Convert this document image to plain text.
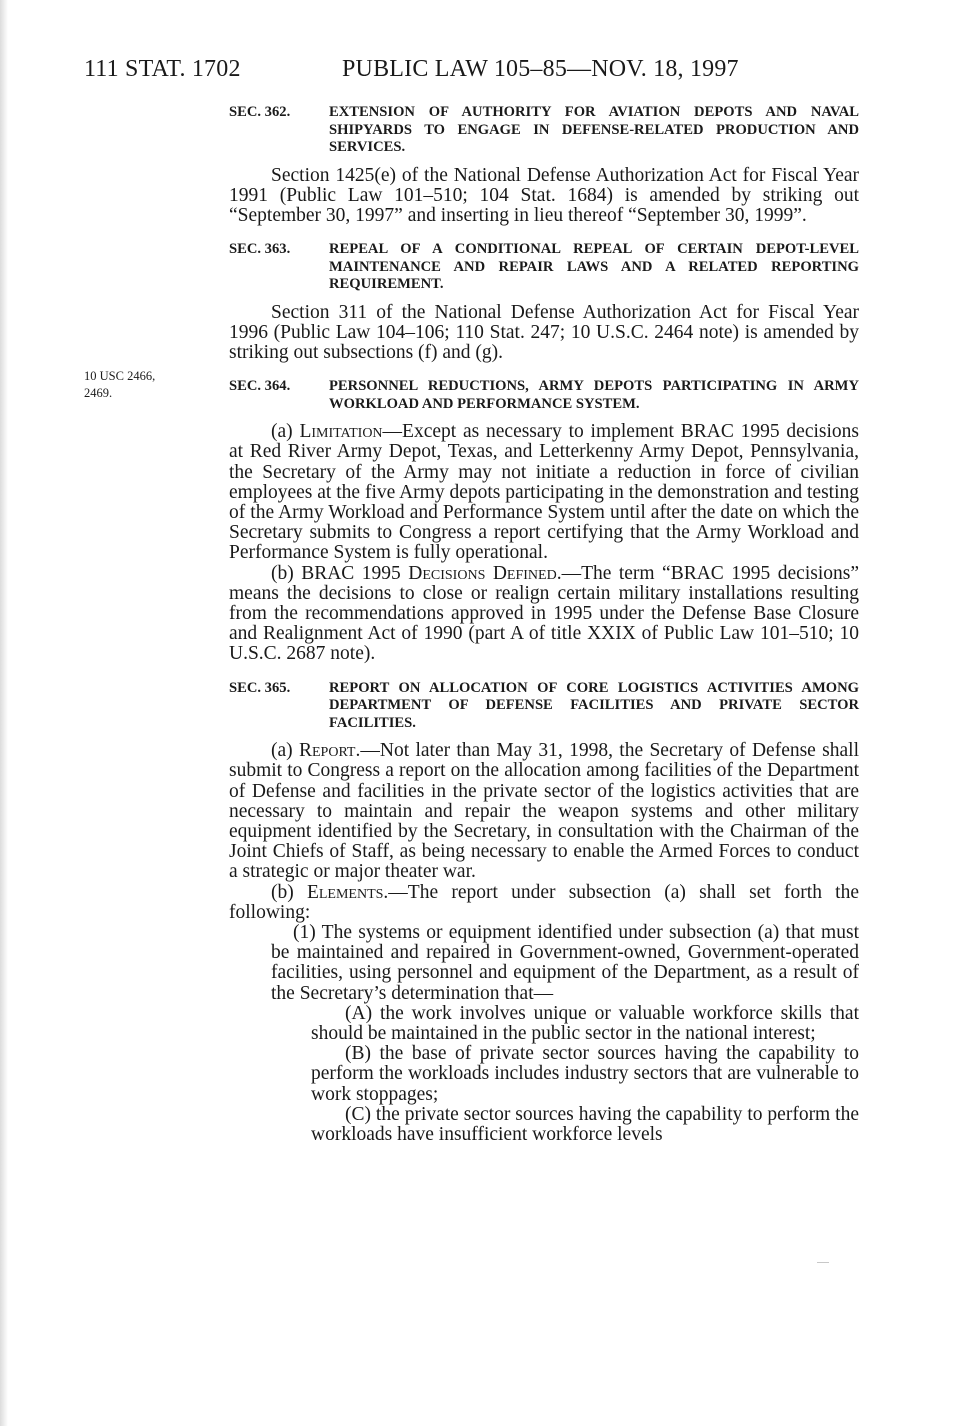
111 STAT. 1702	PUBLIC LAW 105–85—NOV. 18, 1997
10 USC 2466,
2469.
SEC. 362.	EXTENSION OF AUTHORITY FOR AVIATION DEPOTS AND NAVAL SHIPYARDS TO ENGAGE IN DEFENSE-RELATED PRODUCTION AND SERVICES.

Section 1425(e) of the National Defense Authorization Act for Fiscal Year 1991 (Public Law 101–510; 104 Stat. 1684) is amended by striking out “September 30, 1997” and inserting in lieu thereof “September 30, 1999”.

SEC. 363.	REPEAL OF A CONDITIONAL REPEAL OF CERTAIN DEPOT-LEVEL MAINTENANCE AND REPAIR LAWS AND A RELATED REPORTING REQUIREMENT.

Section 311 of the National Defense Authorization Act for Fiscal Year 1996 (Public Law 104–106; 110 Stat. 247; 10 U.S.C. 2464 note) is amended by striking out subsections (f) and (g).

SEC. 364.	PERSONNEL REDUCTIONS, ARMY DEPOTS PARTICIPATING IN ARMY WORKLOAD AND PERFORMANCE SYSTEM.

(a) Limitation—Except as necessary to implement BRAC 1995 decisions at Red River Army Depot, Texas, and Letterkenny Army Depot, Pennsylvania, the Secretary of the Army may not initiate a reduction in force of civilian employees at the five Army depots participating in the demonstration and testing of the Army Workload and Performance System until after the date on which the Secretary submits to Congress a report certifying that the Army Workload and Performance System is fully operational.

(b) BRAC 1995 Decisions Defined.—The term “BRAC 1995 decisions” means the decisions to close or realign certain military installations resulting from the recommendations approved in 1995 under the Defense Base Closure and Realignment Act of 1990 (part A of title XXIX of Public Law 101–510; 10 U.S.C. 2687 note).

SEC. 365.	REPORT ON ALLOCATION OF CORE LOGISTICS ACTIVITIES AMONG DEPARTMENT OF DEFENSE FACILITIES AND PRIVATE SECTOR FACILITIES.

(a) Report.—Not later than May 31, 1998, the Secretary of Defense shall submit to Congress a report on the allocation among facilities of the Department of Defense and facilities in the private sector of the logistics activities that are necessary to maintain and repair the weapon systems and other military equipment identified by the Secretary, in consultation with the Chairman of the Joint Chiefs of Staff, as being necessary to enable the Armed Forces to conduct a strategic or major theater war.

(b) Elements.—The report under subsection (a) shall set forth the following:

(1) The systems or equipment identified under subsection (a) that must be maintained and repaired in Government-owned, Government-operated facilities, using personnel and equipment of the Department, as a result of the Secretary’s determination that—

(A) the work involves unique or valuable workforce skills that should be maintained in the public sector in the national interest;

(B) the base of private sector sources having the capability to perform the workloads includes industry sectors that are vulnerable to work stoppages;

(C) the private sector sources having the capability to perform the workloads have insufficient workforce levels
